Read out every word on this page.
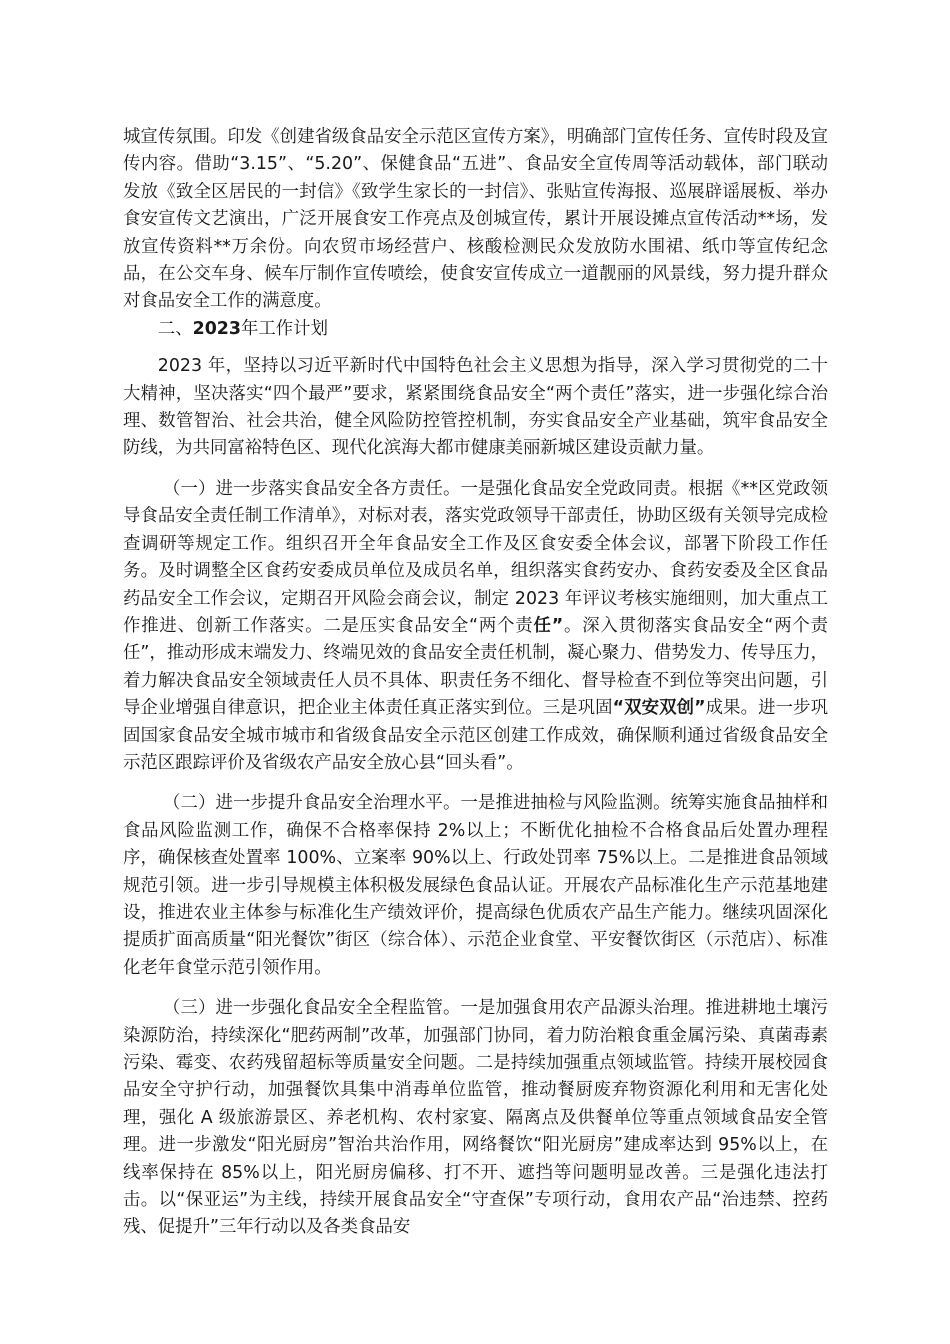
城宣传氛围。印发《创建省级食品安全示范区宣传方案》，明确部门宣传任务、宣传时段及宣传内容。借助“3.15”、“5.20”、保健食品“五进”、食品安全宣传周等活动载体，部门联动发放《致全区居民的一封信》《致学生家长的一封信》、张贴宣传海报、巡展辟谣展板、举办食安宣传文艺演出，广泛开展食安工作亮点及创城宣传，累计开展设摊点宣传活动**场，发放宣传资料**万余份。向农贸市场经营户、核酸检测民众发放防水围裙、纸巾等宣传纪念品，在公交车身、候车厅制作宣传喷绘，使食安宣传成立一道靓丽的风景线，努力提升群众对食品安全工作的满意度。

二、2023年工作计划

2023 年，坚持以习近平新时代中国特色社会主义思想为指导，深入学习贯彻党的二十大精神，坚决落实“四个最严”要求，紧紧围绕食品安全“两个责任”落实，进一步强化综合治理、数管智治、社会共治，健全风险防控管控机制，夯实食品安全产业基础，筑牢食品安全防线，为共同富裕特色区、现代化滨海大都市健康美丽新城区建设贡献力量。

（一）进一步落实食品安全各方责任。一是强化食品安全党政同责。根据《**区党政领导食品安全责任制工作清单》，对标对表，落实党政领导干部责任，协助区级有关领导完成检查调研等规定工作。组织召开全年食品安全工作及区食安委全体会议，部署下阶段工作任务。及时调整全区食药安委成员单位及成员名单，组织落实食药安办、食药安委及全区食品药品安全工作会议，定期召开风险会商会议，制定 2023 年评议考核实施细则，加大重点工作推进、创新工作落实。二是压实食品安全“两个责任”。深入贯彻落实食品安全“两个责任”，推动形成末端发力、终端见效的食品安全责任机制，凝心聚力、借势发力、传导压力，着力解决食品安全领域责任人员不具体、职责任务不细化、督导检查不到位等突出问题，引导企业增强自律意识，把企业主体责任真正落实到位。三是巩固“双安双创”成果。进一步巩固国家食品安全城市城市和省级食品安全示范区创建工作成效，确保顺利通过省级食品安全示范区跟踪评价及省级农产品安全放心县“回头看”。

（二）进一步提升食品安全治理水平。一是推进抽检与风险监测。统筹实施食品抽样和食品风险监测工作，确保不合格率保持 2%以上；不断优化抽检不合格食品后处置办理程序，确保核查处置率 100%、立案率 90%以上、行政处罚率 75%以上。二是推进食品领域规范引领。进一步引导规模主体积极发展绿色食品认证。开展农产品标准化生产示范基地建设，推进农业主体参与标准化生产绩效评价，提高绿色优质农产品生产能力。继续巩固深化提质扩面高质量“阳光餐饮”街区（综合体）、示范企业食堂、平安餐饮街区（示范店）、标准化老年食堂示范引领作用。

（三）进一步强化食品安全全程监管。一是加强食用农产品源头治理。推进耕地土壤污染源防治，持续深化“肥药两制”改革，加强部门协同，着力防治粮食重金属污染、真菌毒素污染、霉变、农药残留超标等质量安全问题。二是持续加强重点领域监管。持续开展校园食品安全守护行动，加强餐饮具集中消毒单位监管，推动餐厨废弃物资源化利用和无害化处理，强化 A 级旅游景区、养老机构、农村家宴、隔离点及供餐单位等重点领域食品安全管理。进一步激发“阳光厨房”智治共治作用，网络餐饮“阳光厨房”建成率达到 95%以上，在线率保持在 85%以上，阳光厨房偏移、打不开、遮挡等问题明显改善。三是强化违法打击。以“保亚运”为主线，持续开展食品安全“守查保”专项行动，食用农产品“治违禁、控药残、促提升”三年行动以及各类食品安
